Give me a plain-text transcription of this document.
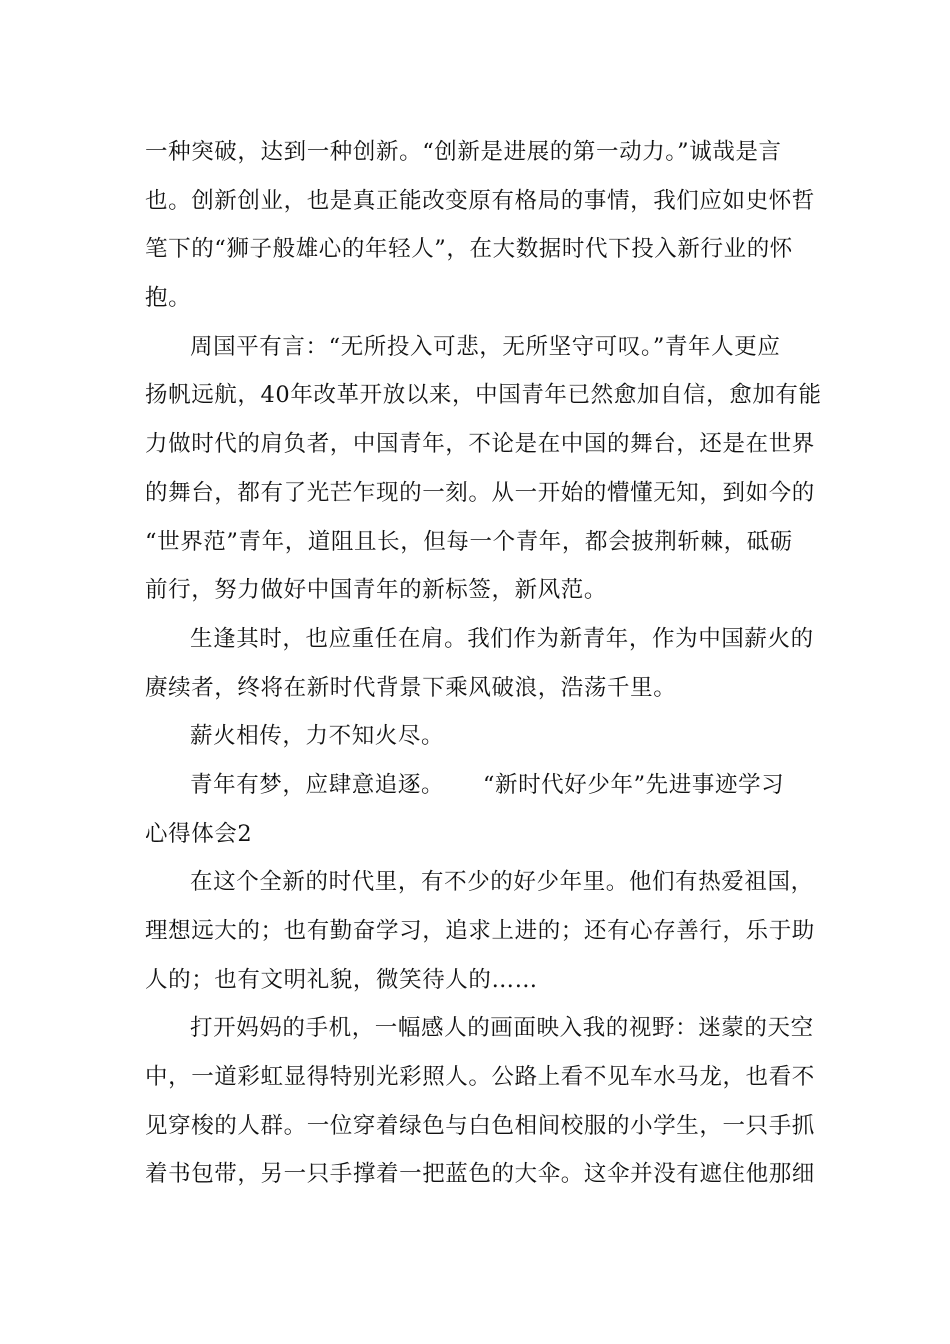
一种突破，达到一种创新。“创新是进展的第一动力。”诚哉是言
也。创新创业，也是真正能改变原有格局的事情，我们应如史怀哲
笔下的“狮子般雄心的年轻人”，在大数据时代下投入新行业的怀
抱。
周国平有言：“无所投入可悲，无所坚守可叹。”青年人更应
扬帆远航，40年改革开放以来，中国青年已然愈加自信，愈加有能
力做时代的肩负者，中国青年，不论是在中国的舞台，还是在世界
的舞台，都有了光芒乍现的一刻。从一开始的懵懂无知，到如今的
“世界范”青年，道阻且长，但每一个青年，都会披荆斩棘，砥砺
前行，努力做好中国青年的新标签，新风范。
生逢其时，也应重任在肩。我们作为新青年，作为中国薪火的
赓续者，终将在新时代背景下乘风破浪，浩荡千里。
薪火相传，力不知火尽。
青年有梦，应肆意追逐。     “新时代好少年”先进事迹学习
心得体会2
在这个全新的时代里，有不少的好少年里。他们有热爱祖国，
理想远大的；也有勤奋学习，追求上进的；还有心存善行，乐于助
人的；也有文明礼貌，微笑待人的……
打开妈妈的手机，一幅感人的画面映入我的视野：迷蒙的天空
中，一道彩虹显得特别光彩照人。公路上看不见车水马龙，也看不
见穿梭的人群。一位穿着绿色与白色相间校服的小学生，一只手抓
着书包带，另一只手撑着一把蓝色的大伞。这伞并没有遮住他那细
